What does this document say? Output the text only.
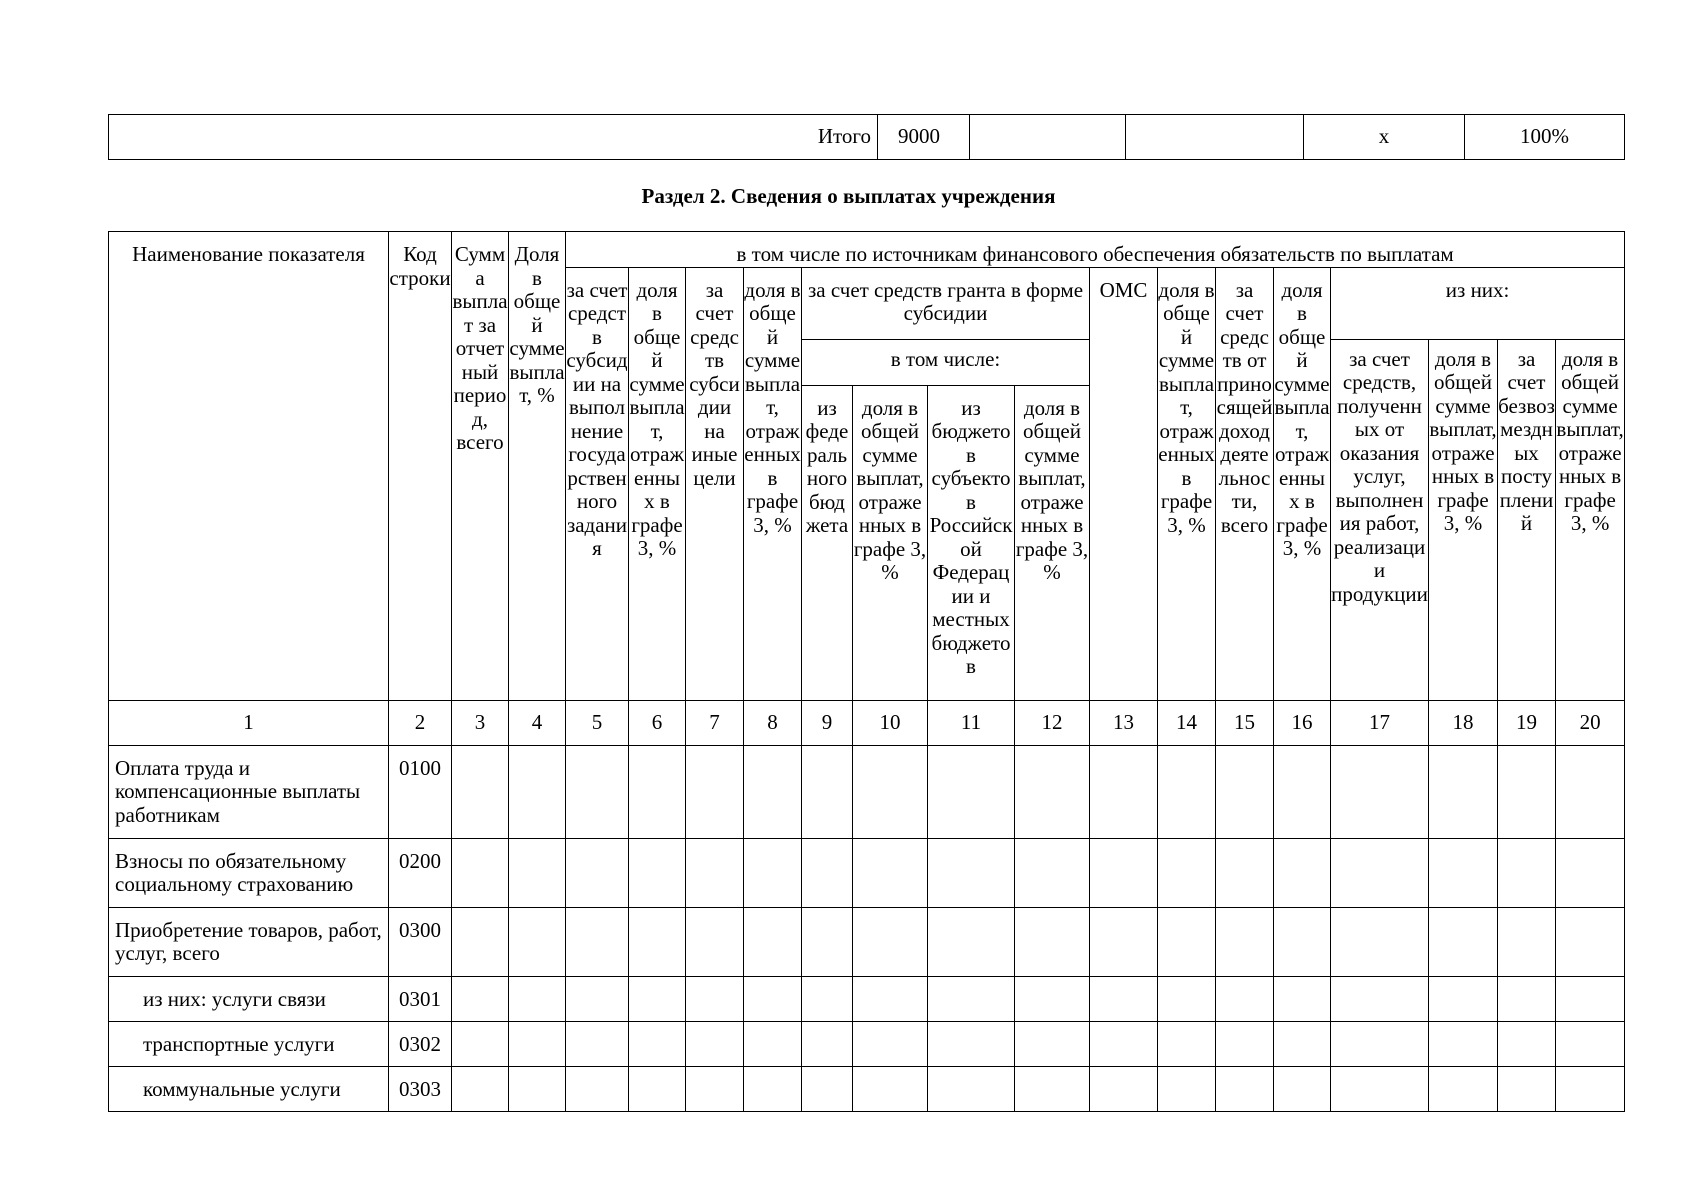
Итого	9000			x	100%
Раздел 2. Сведения о выплатах учреждения
Наименование показателя	Код строки	Сумма выплат за отчетный период, всего	Доля в общей сумме выплат, %	в том числе по источникам финансового обеспечения обязательств по выплатам															
				за счет средств субсидии на выполнение государственного задания	доля в общей сумме выплат, отраженных в графе 3, %	за счет средств субсидии на иные цели	доля в общей сумме выплат, отраженных в графе 3, %	за счет средств гранта в форме субсидии				ОМС	доля в общей сумме выплат, отраженных в графе 3, %	за счет средств от приносящей доход деятельности, всего	доля в общей сумме выплат, отраженных в графе 3, %	из них:			
								в том числе:								за счет средств, полученных от оказания услуг, выполнения работ, реализации продукции	доля в общей сумме выплат, отраженных в графе 3, %	за счет безвозмездных поступлений	доля в общей сумме выплат, отраженных в графе 3, %
								из федерального бюджета	доля в общей сумме выплат, отраженных в графе 3, %	из бюджетов субъектов Российской Федерации и местных бюджетов	доля в общей сумме выплат, отраженных в графе 3, %								
1	2	3	4	5	6	7	8	9	10	11	12	13	14	15	16	17	18	19	20
Оплата труда и компенсационные выплаты работникам	0100																		
Взносы по обязательному социальному страхованию	0200																		
Приобретение товаров, работ, услуг, всего	0300																		
из них: услуги связи	0301																		
транспортные услуги	0302																		
коммунальные услуги	0303																		
